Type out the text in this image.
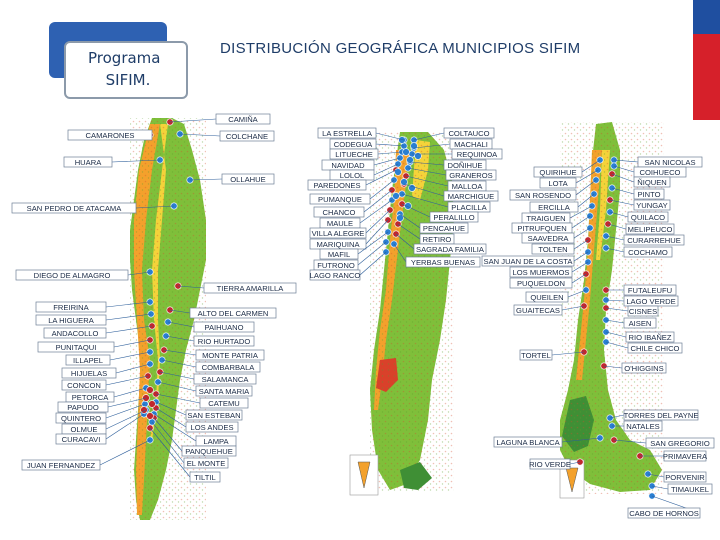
Programa
SIFIM.
DISTRIBUCIÓN GEOGRÁFICA MUNICIPIOS SIFIM
CAMARONES
HUARA
SAN PEDRO DE ATACAMA
DIEGO DE ALMAGRO
FREIRINA
LA HIGUERA
ANDACOLLO
PUNITAQUI
ILLAPEL
HIJUELAS
CONCON
PETORCA
PAPUDO
QUINTERO
OLMUE
CURACAVI
JUAN FERNANDEZ
CAMIÑA
COLCHANE
OLLAHUE
TIERRA AMARILLA
ALTO DEL CARMEN
PAIHUANO
RIO HURTADO
MONTE PATRIA
COMBARBALA
SALAMANCA
SANTA MARIA
CATEMU
SAN ESTEBAN
LOS ANDES
LAMPA
PANQUEHUE
EL MONTE
TILTIL
LA ESTRELLA
CODEGUA
LITUECHE
NAVIDAD
LOLOL
PAREDONES
PUMANQUE
CHANCO
MAULE
VILLA ALEGRE
MARIQUINA
MAFIL
FUTRONO
LAGO RANCO
COLTAUCO
MACHALI
REQUINOA
DOÑIHUE
GRANEROS
MALLOA
MARCHIGUE
PLACILLA
PERALILLO
PENCAHUE
RETIRO
SAGRADA FAMILIA
YERBAS BUENAS
QUIRIHUE
LOTA
SAN ROSENDO
ERCILLA
TRAIGUEN
PITRUFQUEN
SAAVEDRA
TOLTEN
SAN JUAN DE LA COSTA
LOS MUERMOS
PUQUELDON
QUEILEN
GUAITECAS
TORTEL
LAGUNA BLANCA
RIO VERDE
SAN NICOLAS
COIHUECO
ÑIQUEN
PINTO
YUNGAY
QUILACO
MELIPEUCO
CURARREHUE
COCHAMO
FUTALEUFU
LAGO VERDE
CISNES
AISEN
RIO IBAÑEZ
CHILE CHICO
O'HIGGINS
TORRES DEL PAYNE
NATALES
SAN GREGORIO
PRIMAVERA
PORVENIR
TIMAUKEL
CABO DE HORNOS
